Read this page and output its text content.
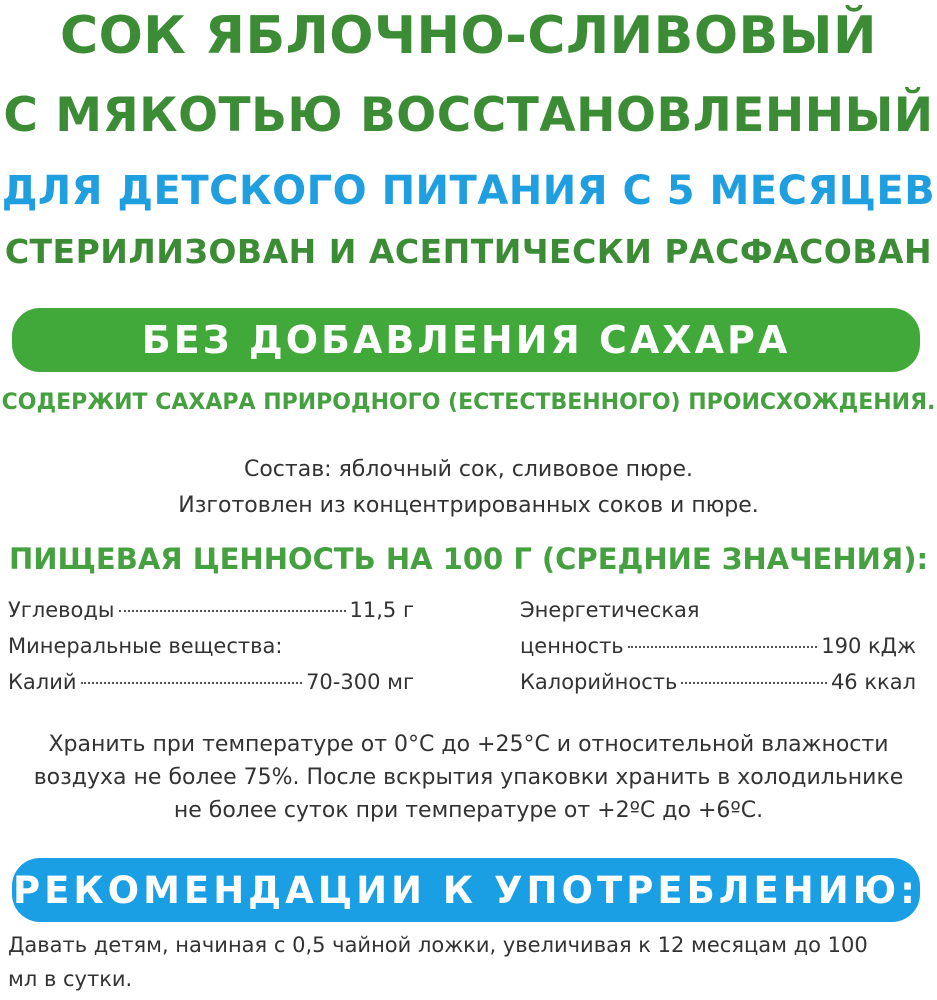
СОК ЯБЛОЧНО-СЛИВОВЫЙ
С МЯКОТЬЮ ВОССТАНОВЛЕННЫЙ
ДЛЯ ДЕТСКОГО ПИТАНИЯ С 5 МЕСЯЦЕВ
СТЕРИЛИЗОВАН И АСЕПТИЧЕСКИ РАСФАСОВАН
БЕЗ ДОБАВЛЕНИЯ САХАРА
СОДЕРЖИТ САХАРА ПРИРОДНОГО (ЕСТЕСТВЕННОГО) ПРОИСХОЖДЕНИЯ.
Состав: яблочный сок, сливовое пюре.
Изготовлен из концентрированных соков и пюре.
ПИЩЕВАЯ ЦЕННОСТЬ НА 100 Г (СРЕДНИЕ ЗНАЧЕНИЯ):
Углеводы	11,5 г
Минеральные вещества:
Калий	70-300 мг
Энергетическая
ценность	190 кДж
Калорийность	46 ккал
Хранить при температуре от 0°С до +25°С и относительной влажности
воздуха не более 75%. После вскрытия упаковки хранить в холодильнике
не более суток при температуре от +2ºС до +6ºС.
РЕКОМЕНДАЦИИ К УПОТРЕБЛЕНИЮ:
Давать детям, начиная с 0,5 чайной ложки, увеличивая к 12 месяцам до 100
мл в сутки.
